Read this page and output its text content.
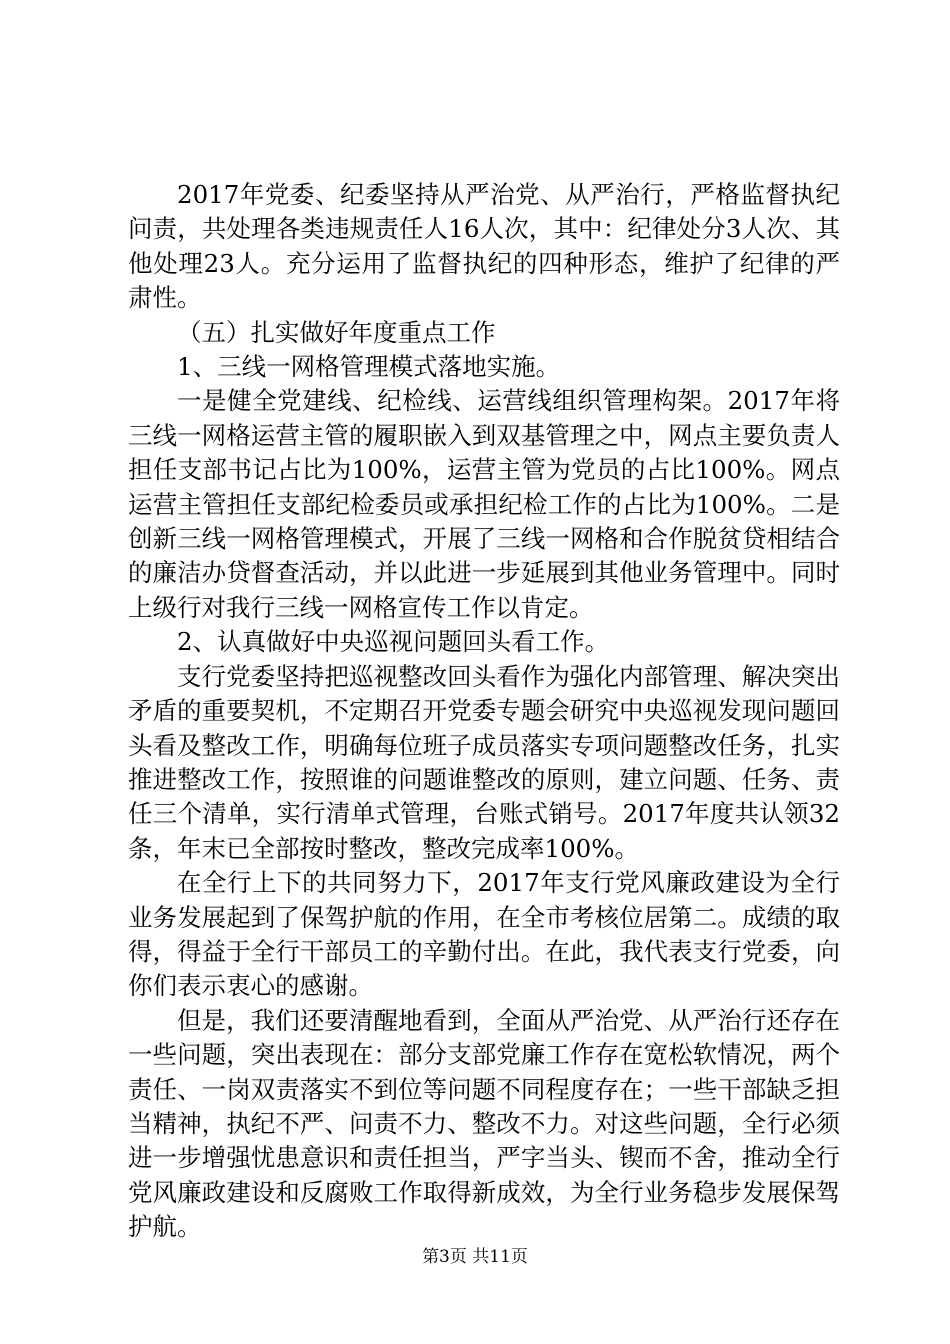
2017年党委、纪委坚持从严治党、从严治行，严格监督执纪问责，共处理各类违规责任人16人次，其中：纪律处分3人次、其他处理23人。充分运用了监督执纪的四种形态，维护了纪律的严肃性。

（五）扎实做好年度重点工作

1、三线一网格管理模式落地实施。

一是健全党建线、纪检线、运营线组织管理构架。2017年将三线一网格运营主管的履职嵌入到双基管理之中，网点主要负责人担任支部书记占比为100%，运营主管为党员的占比100%。网点运营主管担任支部纪检委员或承担纪检工作的占比为100%。二是创新三线一网格管理模式，开展了三线一网格和合作脱贫贷相结合的廉洁办贷督查活动，并以此进一步延展到其他业务管理中。同时上级行对我行三线一网格宣传工作以肯定。

2、认真做好中央巡视问题回头看工作。

支行党委坚持把巡视整改回头看作为强化内部管理、解决突出矛盾的重要契机，不定期召开党委专题会研究中央巡视发现问题回头看及整改工作，明确每位班子成员落实专项问题整改任务，扎实推进整改工作，按照谁的问题谁整改的原则，建立问题、任务、责任三个清单，实行清单式管理，台账式销号。2017年度共认领32条，年末已全部按时整改，整改完成率100%。

在全行上下的共同努力下，2017年支行党风廉政建设为全行业务发展起到了保驾护航的作用，在全市考核位居第二。成绩的取得，得益于全行干部员工的辛勤付出。在此，我代表支行党委，向你们表示衷心的感谢。

但是，我们还要清醒地看到，全面从严治党、从严治行还存在一些问题，突出表现在：部分支部党廉工作存在宽松软情况，两个责任、一岗双责落实不到位等问题不同程度存在；一些干部缺乏担当精神，执纪不严、问责不力、整改不力。对这些问题，全行必须进一步增强忧患意识和责任担当，严字当头、锲而不舍，推动全行党风廉政建设和反腐败工作取得新成效，为全行业务稳步发展保驾护航。

第3页 共11页
